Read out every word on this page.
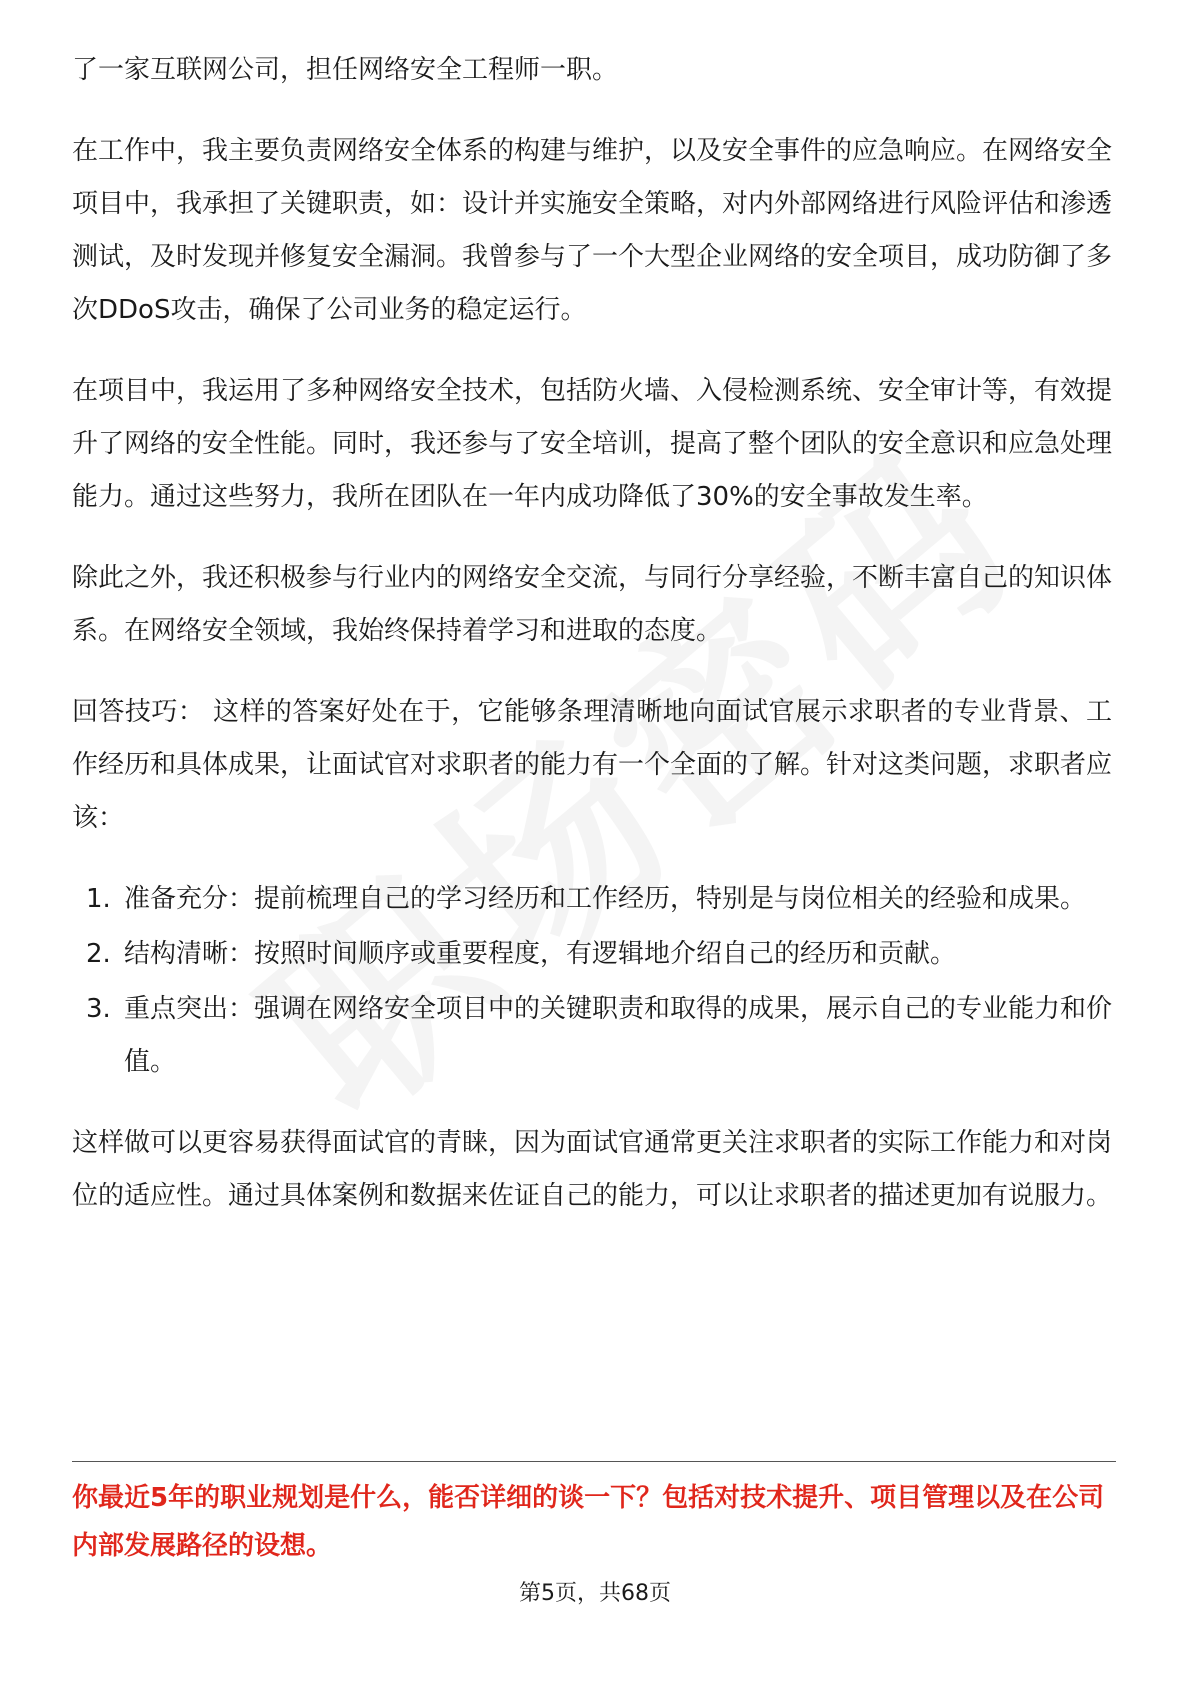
了一家互联网公司，担任网络安全工程师一职。

在工作中，我主要负责网络安全体系的构建与维护，以及安全事件的应急响应。在网络安全项目中，我承担了关键职责，如：设计并实施安全策略，对内外部网络进行风险评估和渗透测试，及时发现并修复安全漏洞。我曾参与了一个大型企业网络的安全项目，成功防御了多次DDoS攻击，确保了公司业务的稳定运行。

在项目中，我运用了多种网络安全技术，包括防火墙、入侵检测系统、安全审计等，有效提升了网络的安全性能。同时，我还参与了安全培训，提高了整个团队的安全意识和应急处理能力。通过这些努力，我所在团队在一年内成功降低了30%的安全事故发生率。

除此之外，我还积极参与行业内的网络安全交流，与同行分享经验，不断丰富自己的知识体系。在网络安全领域，我始终保持着学习和进取的态度。

回答技巧： 这样的答案好处在于，它能够条理清晰地向面试官展示求职者的专业背景、工作经历和具体成果，让面试官对求职者的能力有一个全面的了解。针对这类问题，求职者应该：

1. 准备充分：提前梳理自己的学习经历和工作经历，特别是与岗位相关的经验和成果。
2. 结构清晰：按照时间顺序或重要程度，有逻辑地介绍自己的经历和贡献。
3. 重点突出：强调在网络安全项目中的关键职责和取得的成果，展示自己的专业能力和价值。

这样做可以更容易获得面试官的青睐，因为面试官通常更关注求职者的实际工作能力和对岗位的适应性。通过具体案例和数据来佐证自己的能力，可以让求职者的描述更加有说服力。

你最近5年的职业规划是什么，能否详细的谈一下？包括对技术提升、项目管理以及在公司内部发展路径的设想。
第5页，共68页
